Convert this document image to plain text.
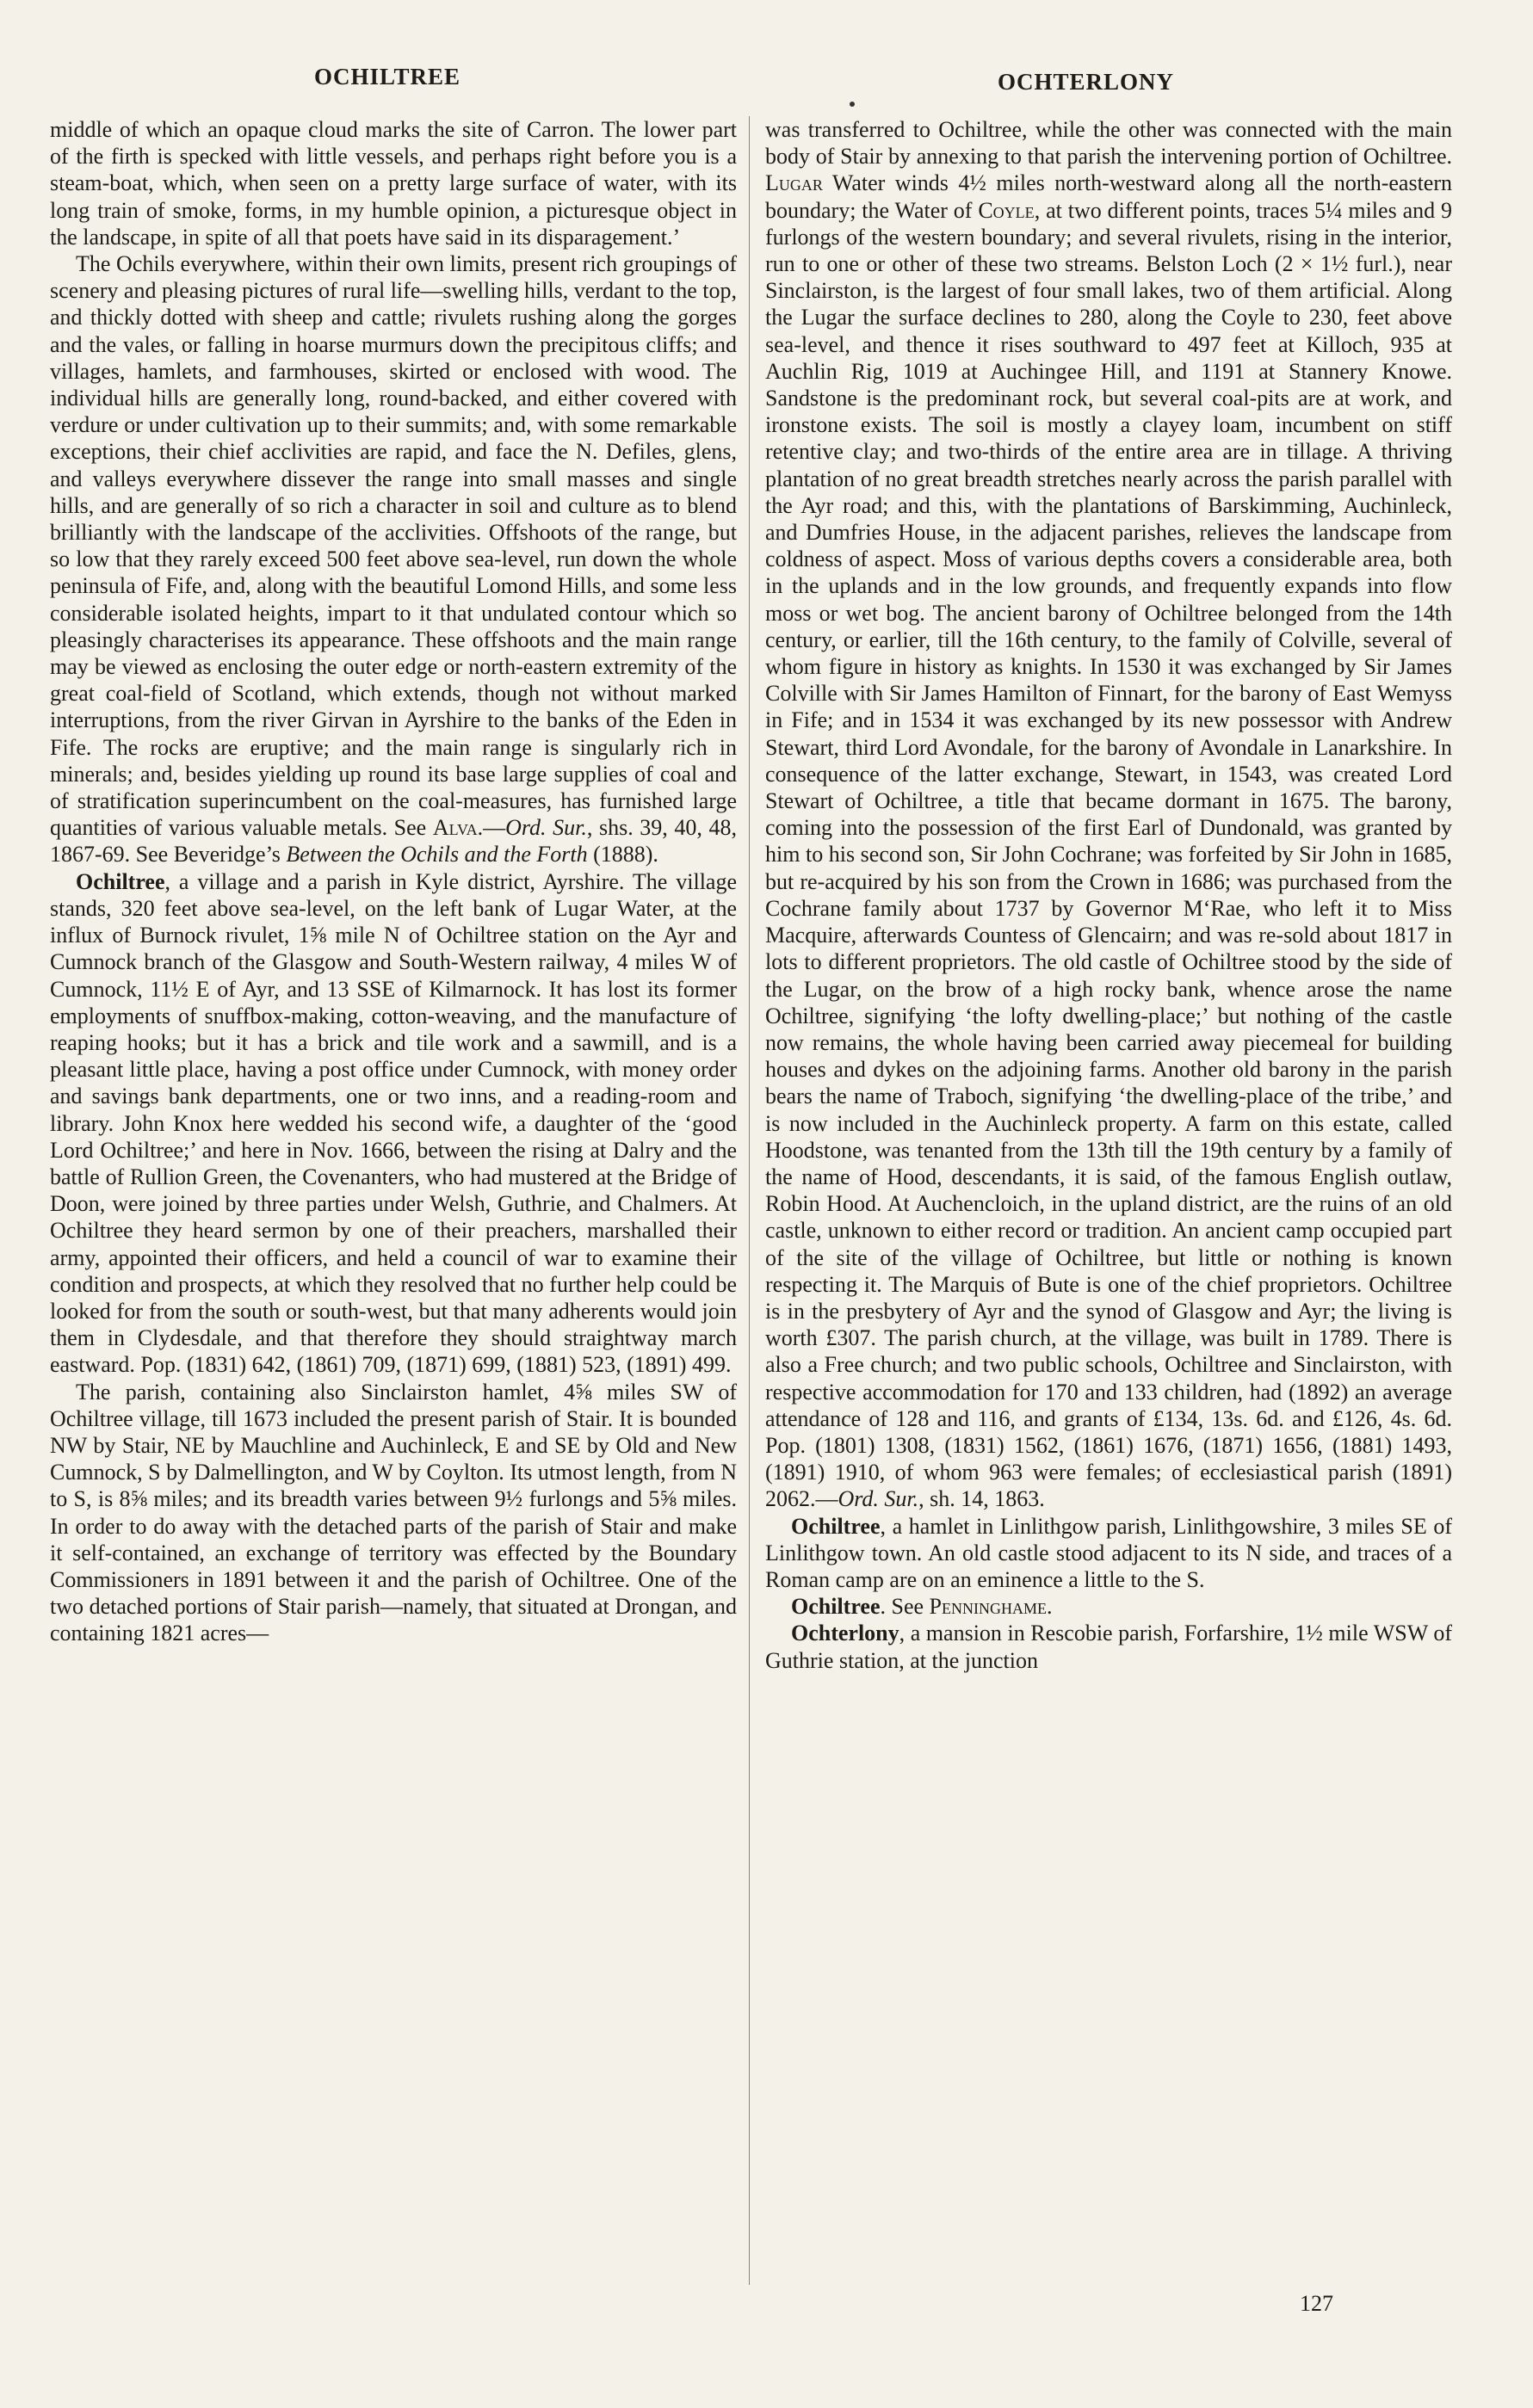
OCHILTREE	OCHTERLONY

middle of which an opaque cloud marks the site of Carron. The lower part of the firth is specked with little vessels, and perhaps right before you is a steam-boat, which, when seen on a pretty large surface of water, with its long train of smoke, forms, in my humble opinion, a picturesque object in the landscape, in spite of all that poets have said in its disparagement.’

The Ochils everywhere, within their own limits, present rich groupings of scenery and pleasing pictures of rural life—swelling hills, verdant to the top, and thickly dotted with sheep and cattle; rivulets rushing along the gorges and the vales, or falling in hoarse murmurs down the precipitous cliffs; and villages, hamlets, and farmhouses, skirted or enclosed with wood. The individual hills are generally long, round-backed, and either covered with verdure or under cultivation up to their summits; and, with some remarkable exceptions, their chief acclivities are rapid, and face the N. Defiles, glens, and valleys everywhere dissever the range into small masses and single hills, and are generally of so rich a character in soil and culture as to blend brilliantly with the landscape of the acclivities. Offshoots of the range, but so low that they rarely exceed 500 feet above sea-level, run down the whole peninsula of Fife, and, along with the beautiful Lomond Hills, and some less considerable isolated heights, impart to it that undulated contour which so pleasingly characterises its appearance. These offshoots and the main range may be viewed as enclosing the outer edge or north-eastern extremity of the great coal-field of Scotland, which extends, though not without marked interruptions, from the river Girvan in Ayrshire to the banks of the Eden in Fife. The rocks are eruptive; and the main range is singularly rich in minerals; and, besides yielding up round its base large supplies of coal and of stratification superincumbent on the coal-measures, has furnished large quantities of various valuable metals. See Alva.—Ord. Sur., shs. 39, 40, 48, 1867-69. See Beveridge’s Between the Ochils and the Forth (1888).

Ochiltree, a village and a parish in Kyle district, Ayrshire. The village stands, 320 feet above sea-level, on the left bank of Lugar Water, at the influx of Burnock rivulet, 1⅝ mile N of Ochiltree station on the Ayr and Cumnock branch of the Glasgow and South-Western railway, 4 miles W of Cumnock, 11½ E of Ayr, and 13 SSE of Kilmarnock. It has lost its former employments of snuffbox-making, cotton-weaving, and the manufacture of reaping hooks; but it has a brick and tile work and a sawmill, and is a pleasant little place, having a post office under Cumnock, with money order and savings bank departments, one or two inns, and a reading-room and library. John Knox here wedded his second wife, a daughter of the ‘good Lord Ochiltree;’ and here in Nov. 1666, between the rising at Dalry and the battle of Rullion Green, the Covenanters, who had mustered at the Bridge of Doon, were joined by three parties under Welsh, Guthrie, and Chalmers. At Ochiltree they heard sermon by one of their preachers, marshalled their army, appointed their officers, and held a council of war to examine their condition and prospects, at which they resolved that no further help could be looked for from the south or south-west, but that many adherents would join them in Clydesdale, and that therefore they should straightway march eastward. Pop. (1831) 642, (1861) 709, (1871) 699, (1881) 523, (1891) 499.

The parish, containing also Sinclairston hamlet, 4⅝ miles SW of Ochiltree village, till 1673 included the present parish of Stair. It is bounded NW by Stair, NE by Mauchline and Auchinleck, E and SE by Old and New Cumnock, S by Dalmellington, and W by Coylton. Its utmost length, from N to S, is 8⅝ miles; and its breadth varies between 9½ furlongs and 5⅝ miles. In order to do away with the detached parts of the parish of Stair and make it self-contained, an exchange of territory was effected by the Boundary Commissioners in 1891 between it and the parish of Ochiltree. One of the two detached portions of Stair parish—namely, that situated at Drongan, and containing 1821 acres—

was transferred to Ochiltree, while the other was connected with the main body of Stair by annexing to that parish the intervening portion of Ochiltree. Lugar Water winds 4½ miles north-westward along all the north-eastern boundary; the Water of Coyle, at two different points, traces 5¼ miles and 9 furlongs of the western boundary; and several rivulets, rising in the interior, run to one or other of these two streams. Belston Loch (2 × 1½ furl.), near Sinclairston, is the largest of four small lakes, two of them artificial. Along the Lugar the surface declines to 280, along the Coyle to 230, feet above sea-level, and thence it rises southward to 497 feet at Killoch, 935 at Auchlin Rig, 1019 at Auchingee Hill, and 1191 at Stannery Knowe. Sandstone is the predominant rock, but several coal-pits are at work, and ironstone exists. The soil is mostly a clayey loam, incumbent on stiff retentive clay; and two-thirds of the entire area are in tillage. A thriving plantation of no great breadth stretches nearly across the parish parallel with the Ayr road; and this, with the plantations of Barskimming, Auchinleck, and Dumfries House, in the adjacent parishes, relieves the landscape from coldness of aspect. Moss of various depths covers a considerable area, both in the uplands and in the low grounds, and frequently expands into flow moss or wet bog. The ancient barony of Ochiltree belonged from the 14th century, or earlier, till the 16th century, to the family of Colville, several of whom figure in history as knights. In 1530 it was exchanged by Sir James Colville with Sir James Hamilton of Finnart, for the barony of East Wemyss in Fife; and in 1534 it was exchanged by its new possessor with Andrew Stewart, third Lord Avondale, for the barony of Avondale in Lanarkshire. In consequence of the latter exchange, Stewart, in 1543, was created Lord Stewart of Ochiltree, a title that became dormant in 1675. The barony, coming into the possession of the first Earl of Dundonald, was granted by him to his second son, Sir John Cochrane; was forfeited by Sir John in 1685, but re-acquired by his son from the Crown in 1686; was purchased from the Cochrane family about 1737 by Governor M‘Rae, who left it to Miss Macquire, afterwards Countess of Glencairn; and was re-sold about 1817 in lots to different proprietors. The old castle of Ochiltree stood by the side of the Lugar, on the brow of a high rocky bank, whence arose the name Ochiltree, signifying ‘the lofty dwelling-place;’ but nothing of the castle now remains, the whole having been carried away piecemeal for building houses and dykes on the adjoining farms. Another old barony in the parish bears the name of Traboch, signifying ‘the dwelling-place of the tribe,’ and is now included in the Auchinleck property. A farm on this estate, called Hoodstone, was tenanted from the 13th till the 19th century by a family of the name of Hood, descendants, it is said, of the famous English outlaw, Robin Hood. At Auchencloich, in the upland district, are the ruins of an old castle, unknown to either record or tradition. An ancient camp occupied part of the site of the village of Ochiltree, but little or nothing is known respecting it. The Marquis of Bute is one of the chief proprietors. Ochiltree is in the presbytery of Ayr and the synod of Glasgow and Ayr; the living is worth £307. The parish church, at the village, was built in 1789. There is also a Free church; and two public schools, Ochiltree and Sinclairston, with respective accommodation for 170 and 133 children, had (1892) an average attendance of 128 and 116, and grants of £134, 13s. 6d. and £126, 4s. 6d. Pop. (1801) 1308, (1831) 1562, (1861) 1676, (1871) 1656, (1881) 1493, (1891) 1910, of whom 963 were females; of ecclesiastical parish (1891) 2062.—Ord. Sur., sh. 14, 1863.

Ochiltree, a hamlet in Linlithgow parish, Linlithgowshire, 3 miles SE of Linlithgow town. An old castle stood adjacent to its N side, and traces of a Roman camp are on an eminence a little to the S.

Ochiltree. See Penninghame.

Ochterlony, a mansion in Rescobie parish, Forfarshire, 1½ mile WSW of Guthrie station, at the junction

127
